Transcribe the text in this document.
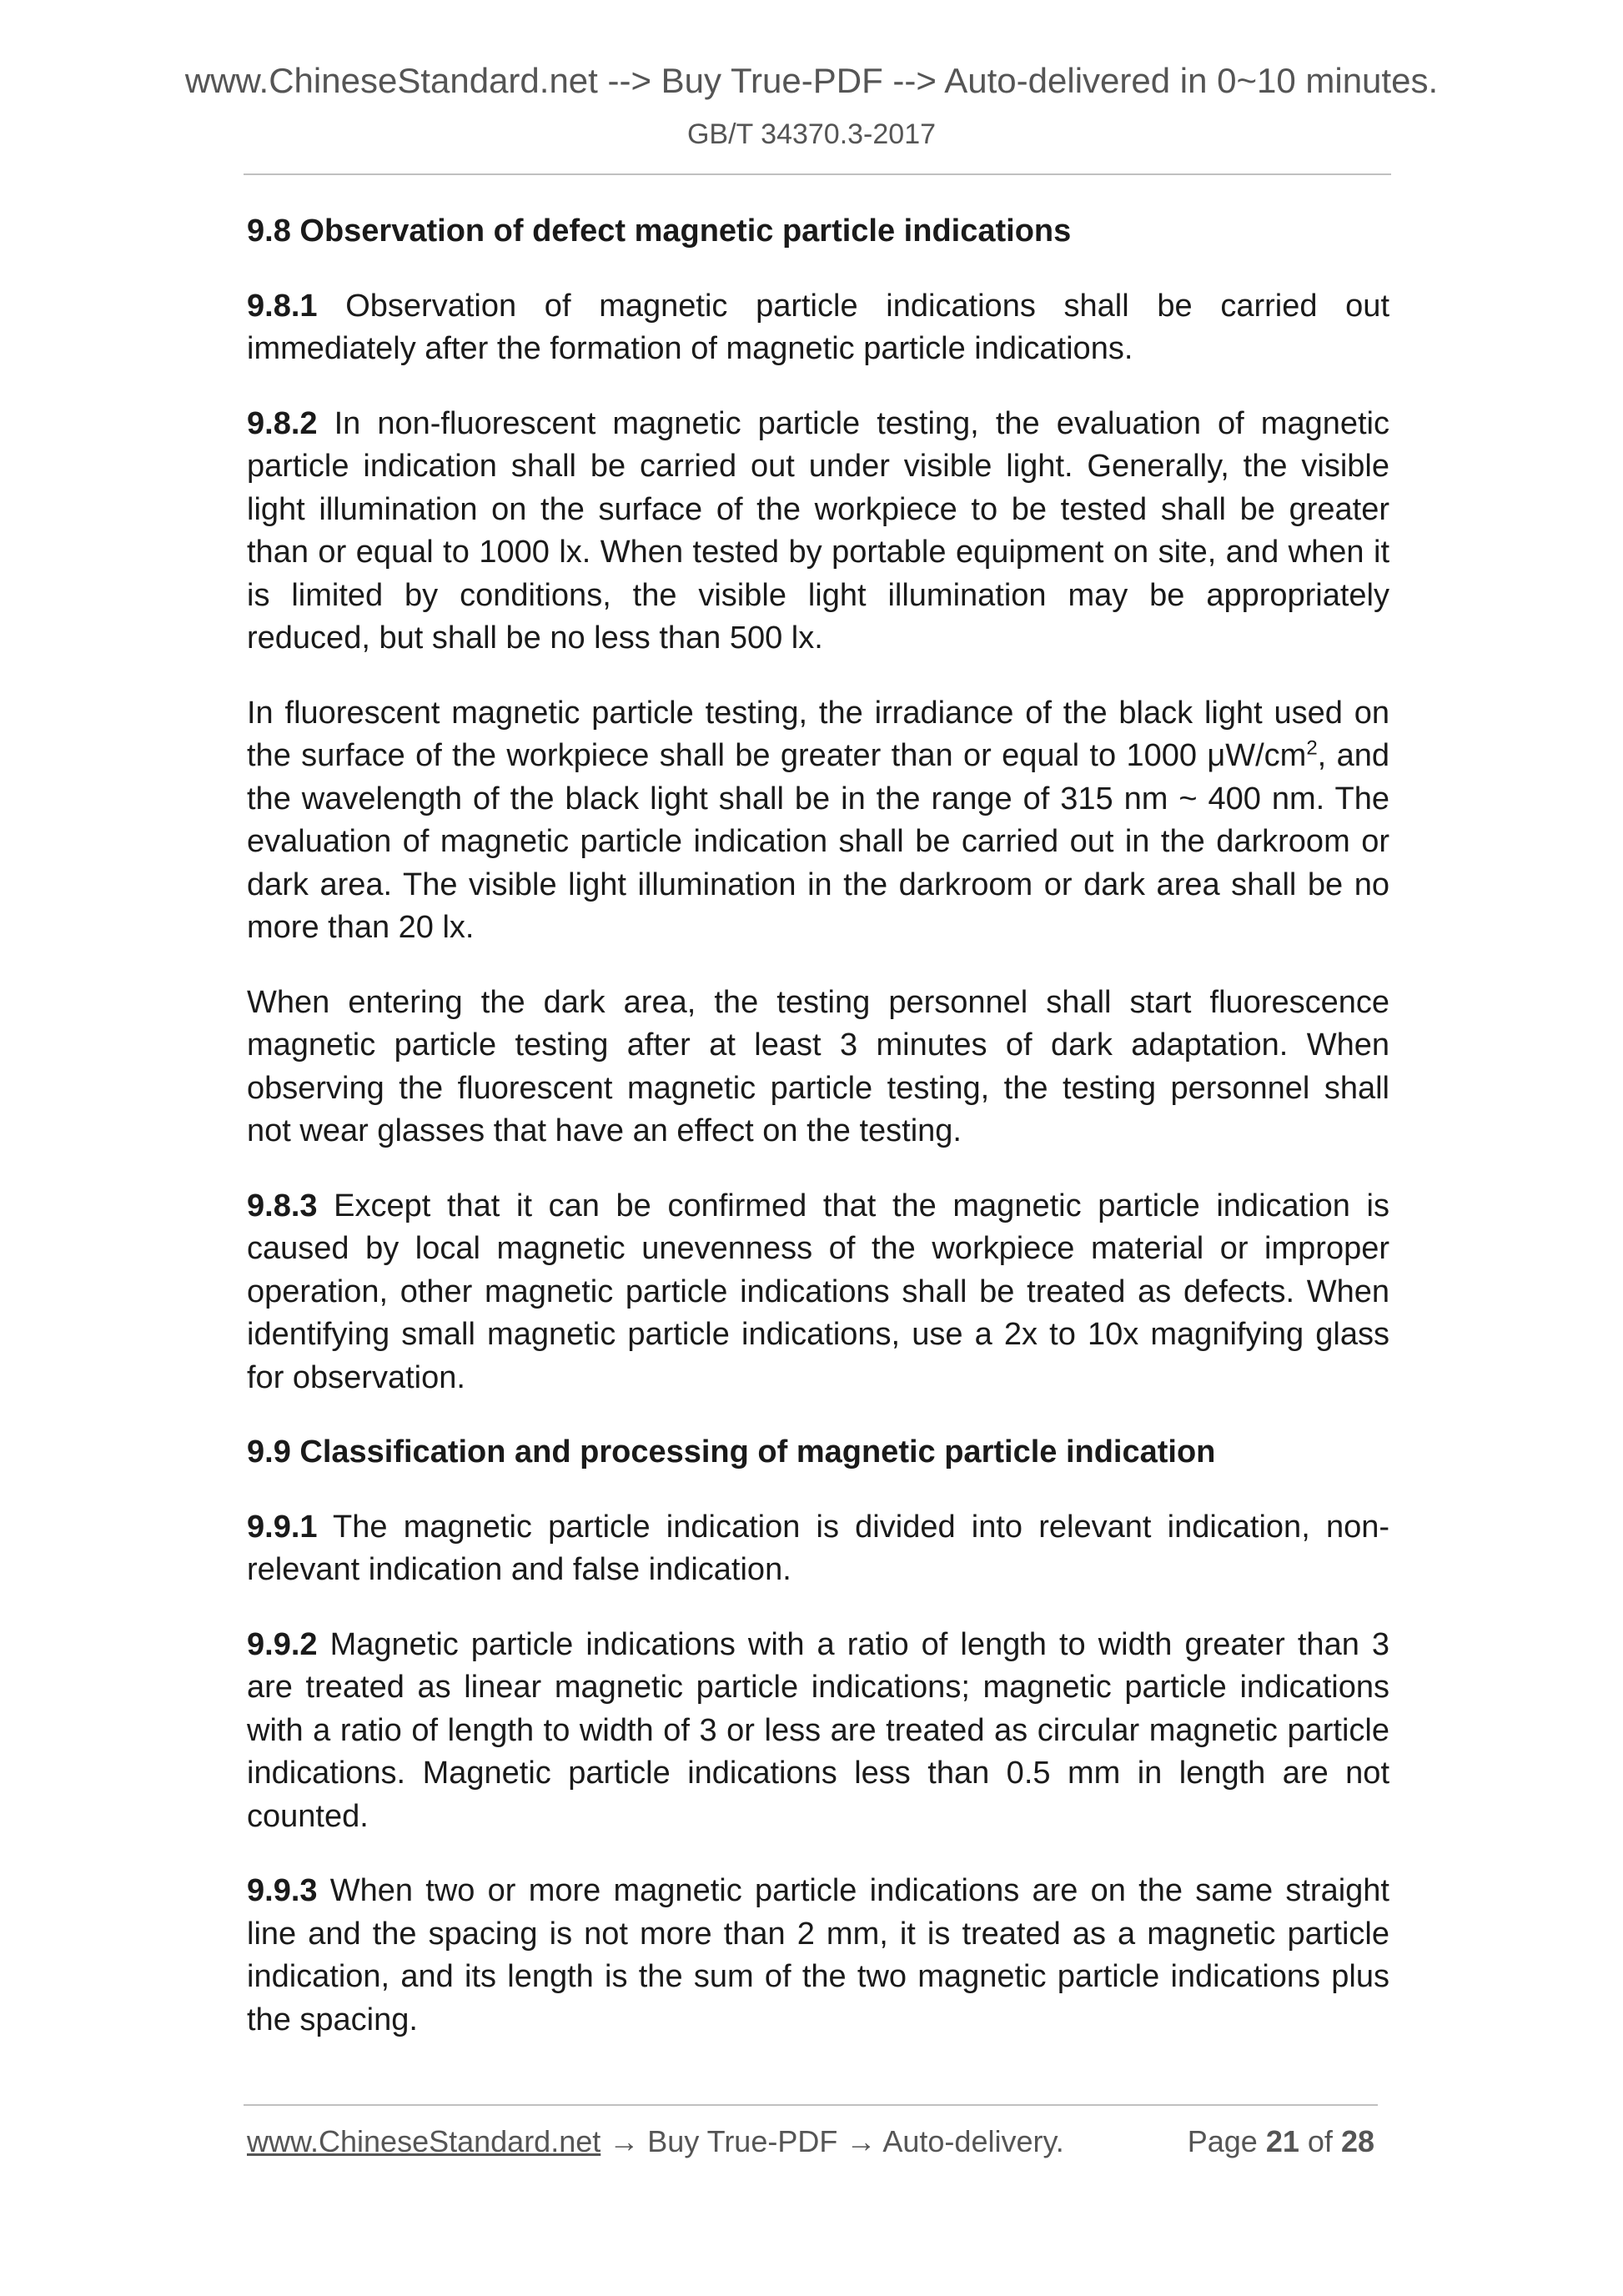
www.ChineseStandard.net --> Buy True-PDF --> Auto-delivered in 0~10 minutes.
GB/T 34370.3-2017
9.8 Observation of defect magnetic particle indications

9.8.1 Observation of magnetic particle indications shall be carried out immediately after the formation of magnetic particle indications.

9.8.2 In non-fluorescent magnetic particle testing, the evaluation of magnetic particle indication shall be carried out under visible light. Generally, the visible light illumination on the surface of the workpiece to be tested shall be greater than or equal to 1000 lx. When tested by portable equipment on site, and when it is limited by conditions, the visible light illumination may be appropriately reduced, but shall be no less than 500 lx.

In fluorescent magnetic particle testing, the irradiance of the black light used on the surface of the workpiece shall be greater than or equal to 1000 $\mu W/cm^2$, and the wavelength of the black light shall be in the range of 315 nm ~ 400 nm. The evaluation of magnetic particle indication shall be carried out in the darkroom or dark area. The visible light illumination in the darkroom or dark area shall be no more than 20 lx.

When entering the dark area, the testing personnel shall start fluorescence magnetic particle testing after at least 3 minutes of dark adaptation. When observing the fluorescent magnetic particle testing, the testing personnel shall not wear glasses that have an effect on the testing.

9.8.3 Except that it can be confirmed that the magnetic particle indication is caused by local magnetic unevenness of the workpiece material or improper operation, other magnetic particle indications shall be treated as defects. When identifying small magnetic particle indications, use a 2x to 10x magnifying glass for observation.

9.9 Classification and processing of magnetic particle indication

9.9.1 The magnetic particle indication is divided into relevant indication, non-relevant indication and false indication.

9.9.2 Magnetic particle indications with a ratio of length to width greater than 3 are treated as linear magnetic particle indications; magnetic particle indications with a ratio of length to width of 3 or less are treated as circular magnetic particle indications. Magnetic particle indications less than 0.5 mm in length are not counted.

9.9.3 When two or more magnetic particle indications are on the same straight line and the spacing is not more than 2 mm, it is treated as a magnetic particle indication, and its length is the sum of the two magnetic particle indications plus the spacing.

www.ChineseStandard.net → Buy True-PDF → Auto-delivery.	Page 21 of 28
